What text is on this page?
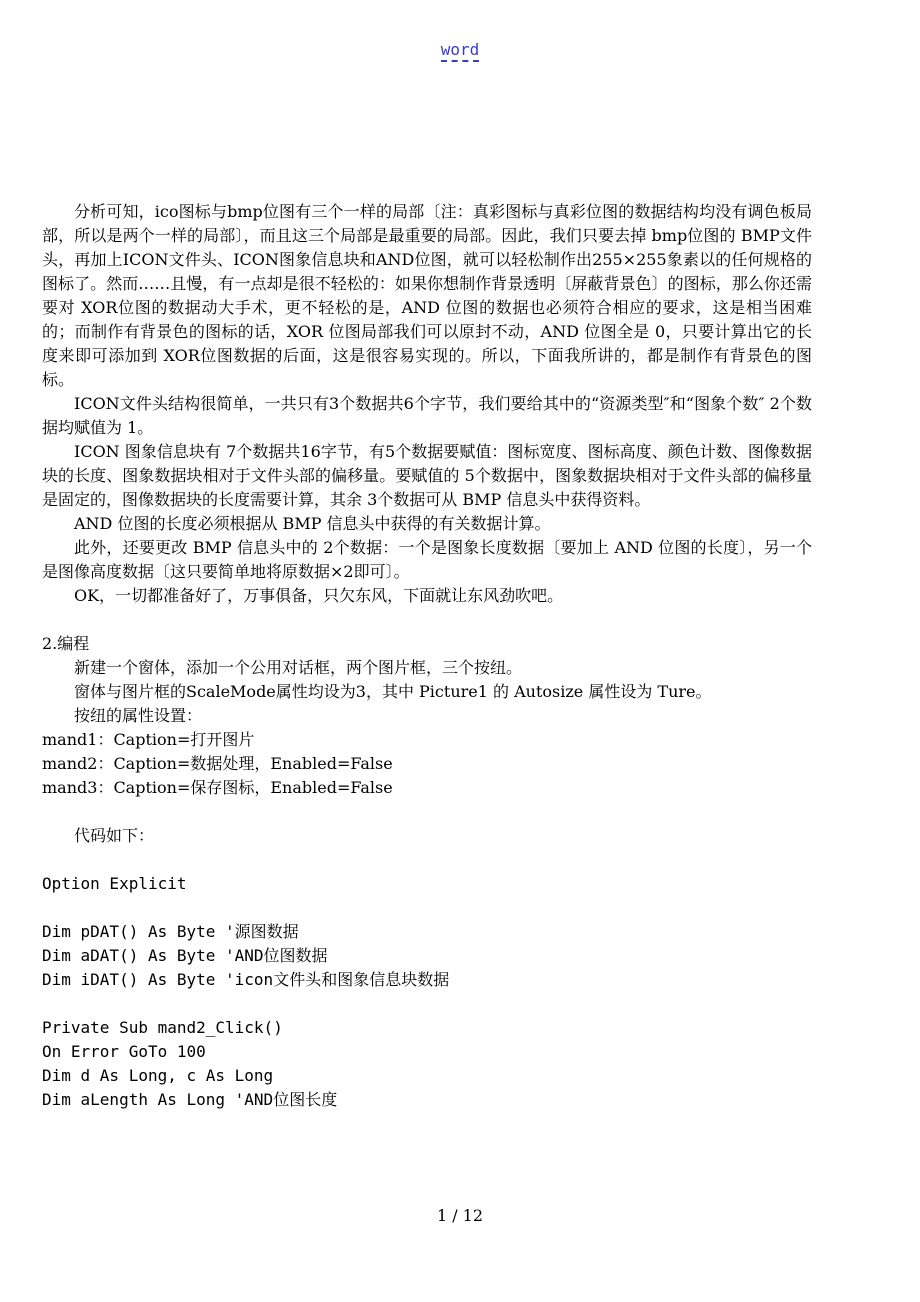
word

分析可知，ico图标与bmp位图有三个一样的局部〔注：真彩图标与真彩位图的数据结构均没有调色板局部，所以是两个一样的局部〕，而且这三个局部是最重要的局部。因此，我们只要去掉 bmp位图的 BMP文件头，再加上ICON文件头、ICON图象信息块和AND位图，就可以轻松制作出255×255象素以的任何规格的图标了。然而……且慢，有一点却是很不轻松的：如果你想制作背景透明〔屏蔽背景色〕的图标，那么你还需要对 XOR位图的数据动大手术，更不轻松的是，AND 位图的数据也必须符合相应的要求，这是相当困难的；而制作有背景色的图标的话，XOR 位图局部我们可以原封不动，AND 位图全是 0，只要计算出它的长度来即可添加到 XOR位图数据的后面，这是很容易实现的。所以，下面我所讲的，都是制作有背景色的图标。

ICON文件头结构很简单，一共只有3个数据共6个字节，我们要给其中的“资源类型″和“图象个数″ 2个数据均赋值为 1。

ICON 图象信息块有 7个数据共16字节，有5个数据要赋值：图标宽度、图标高度、颜色计数、图像数据块的长度、图象数据块相对于文件头部的偏移量。要赋值的 5个数据中，图象数据块相对于文件头部的偏移量是固定的，图像数据块的长度需要计算，其余 3个数据可从 BMP 信息头中获得资料。

AND 位图的长度必须根据从 BMP 信息头中获得的有关数据计算。

此外，还要更改 BMP 信息头中的 2个数据：一个是图象长度数据〔要加上 AND 位图的长度〕，另一个是图像高度数据〔这只要简单地将原数据×2即可〕。

OK，一切都准备好了，万事俱备，只欠东风，下面就让东风劲吹吧。

2.编程

新建一个窗体，添加一个公用对话框，两个图片框，三个按纽。

窗体与图片框的ScaleMode属性均设为3，其中 Picture1 的 Autosize 属性设为 Ture。

按纽的属性设置：

mand1：Caption=打开图片

mand2：Caption=数据处理，Enabled=False

mand3：Caption=保存图标，Enabled=False

代码如下：

Option Explicit

Dim pDAT() As Byte '源图数据

Dim aDAT() As Byte 'AND位图数据

Dim iDAT() As Byte 'icon文件头和图象信息块数据

Private Sub mand2_Click()

On Error GoTo 100

Dim d As Long, c As Long

Dim aLength As Long 'AND位图长度

1 / 12
